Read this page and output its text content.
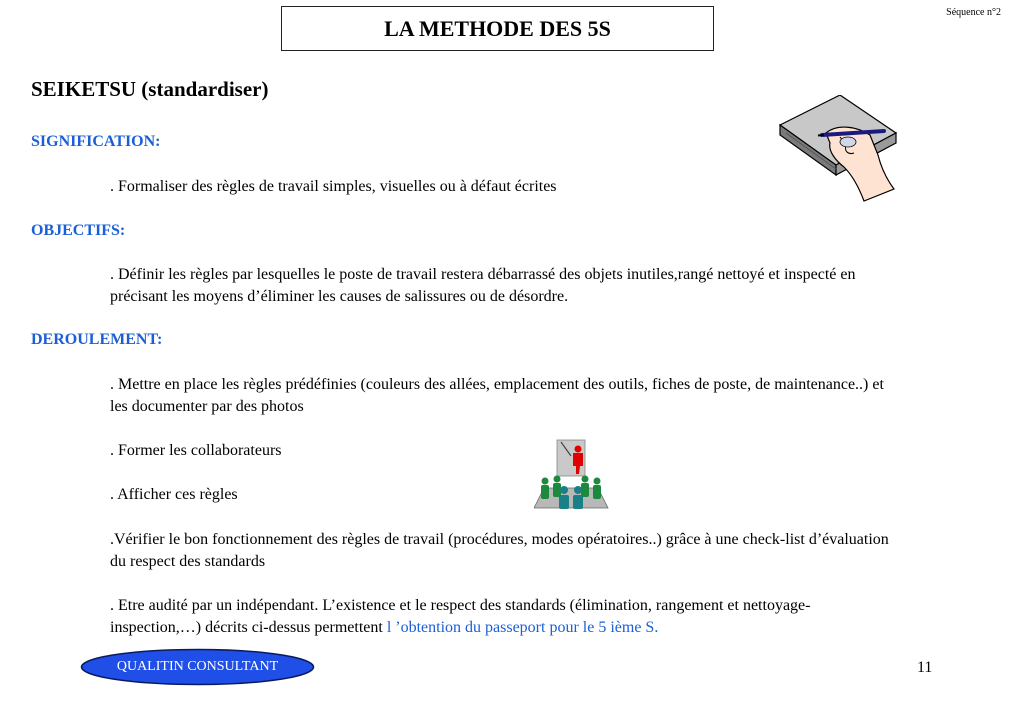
LA METHODE DES 5S
Séquence n°2
SEIKETSU (standardiser)
SIGNIFICATION:
. Formaliser des règles de travail simples, visuelles ou à défaut écrites
OBJECTIFS:
. Définir les règles par lesquelles le poste de travail restera débarrassé des objets inutiles,rangé nettoyé et inspecté en précisant les moyens d’éliminer les causes de salissures ou de désordre.
DEROULEMENT:
. Mettre en place les règles prédéfinies (couleurs des allées, emplacement des outils, fiches de poste, de maintenance..) et les documenter par des photos
. Former les collaborateurs
. Afficher ces règles
.Vérifier le bon fonctionnement des règles de travail (procédures, modes opératoires..) grâce à une check-list d’évaluation du respect des standards
. Etre audité par un indépendant. L’existence et le respect des standards (élimination, rangement et nettoyage-inspection,…) décrits ci-dessus permettent l ’obtention du passeport pour le 5 ième S.
QUALITIN CONSULTANT	11
